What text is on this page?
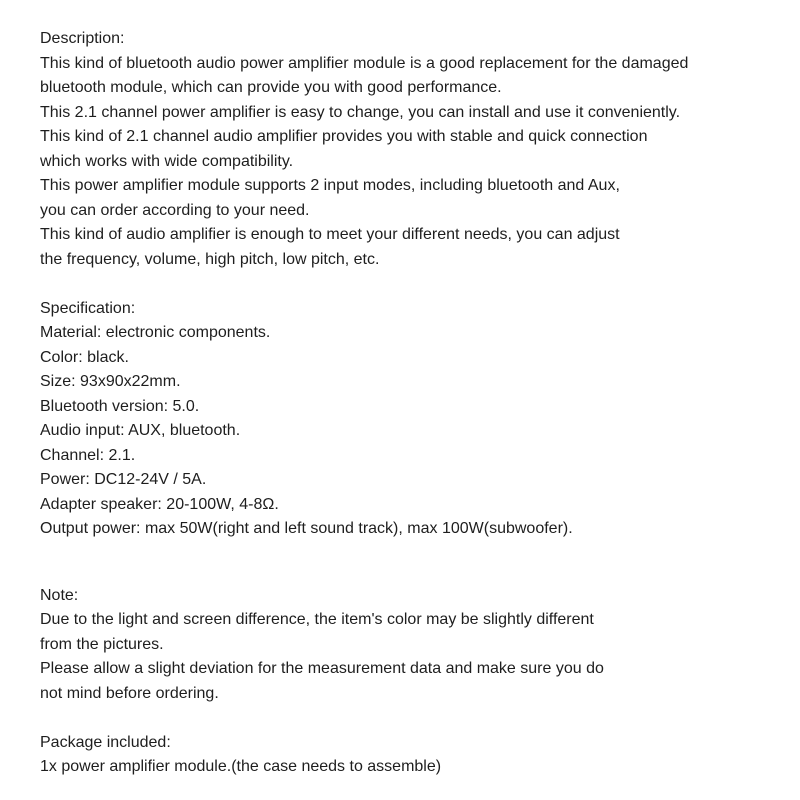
Description:
This kind of bluetooth audio power amplifier module is a good replacement for the damaged
bluetooth module, which can provide you with good performance.
This 2.1 channel power amplifier is easy to change, you can install and use it conveniently.
This kind of 2.1 channel audio amplifier provides you with stable and quick connection
which works with wide compatibility.
This power amplifier module supports 2 input modes, including bluetooth and Aux,
you can order according to your need.
This kind of audio amplifier is enough to meet your different needs, you can adjust
the frequency, volume, high pitch, low pitch, etc.
Specification:
Material: electronic components.
Color: black.
Size: 93x90x22mm.
Bluetooth version: 5.0.
Audio input: AUX, bluetooth.
Channel: 2.1.
Power: DC12-24V / 5A.
Adapter speaker: 20-100W, 4-8Ω.
Output power: max 50W(right and left sound track), max 100W(subwoofer).
Note:
Due to the light and screen difference, the item's color may be slightly different
from the pictures.
Please allow a slight deviation for the measurement data and make sure you do
not mind before ordering.
Package included:
1x power amplifier module.(the case needs to assemble)
